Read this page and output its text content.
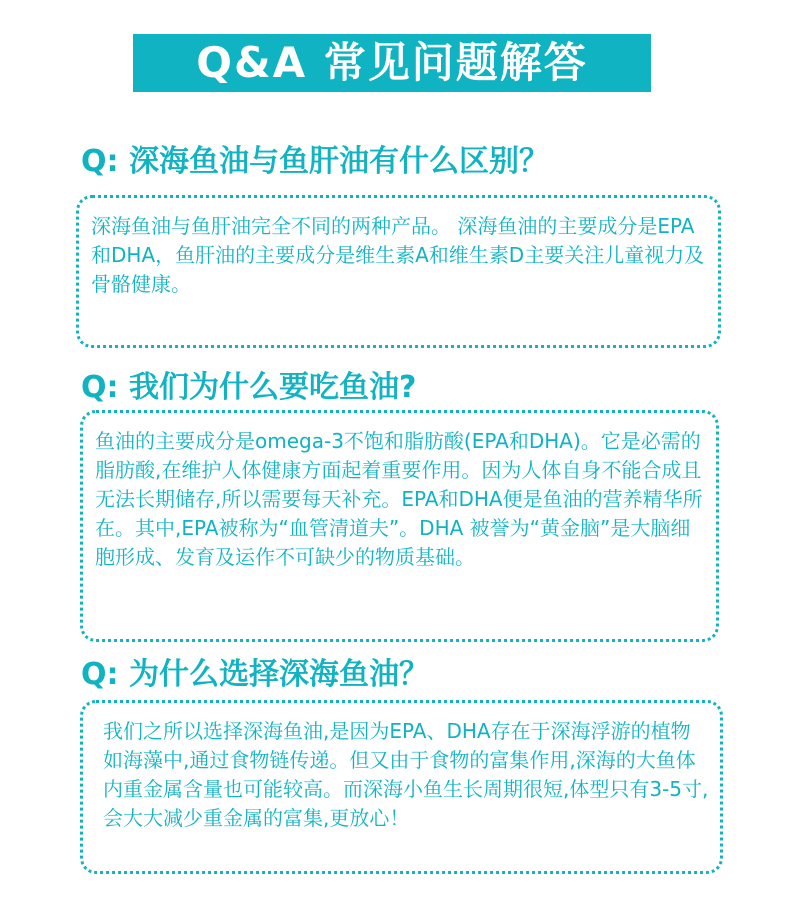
Q&A 常见问题解答
Q: 深海鱼油与鱼肝油有什么区别？
深海鱼油与鱼肝油完全不同的两种产品。 深海鱼油的主要成分是EPA和DHA，鱼肝油的主要成分是维生素A和维生素D主要关注儿童视力及骨骼健康。
Q: 我们为什么要吃鱼油?
鱼油的主要成分是omega-3不饱和脂肪酸(EPA和DHA)。它是必需的脂肪酸,在维护人体健康方面起着重要作用。因为人体自身不能合成且无法长期储存,所以需要每天补充。EPA和DHA便是鱼油的营养精华所在。其中,EPA被称为“血管清道夫”。DHA 被誉为“黄金脑”是大脑细胞形成、发育及运作不可缺少的物质基础。
Q: 为什么选择深海鱼油？
我们之所以选择深海鱼油,是因为EPA、DHA存在于深海浮游的植物如海藻中,通过食物链传递。但又由于食物的富集作用,深海的大鱼体内重金属含量也可能较高。而深海小鱼生长周期很短,体型只有3-5寸,会大大减少重金属的富集,更放心！
